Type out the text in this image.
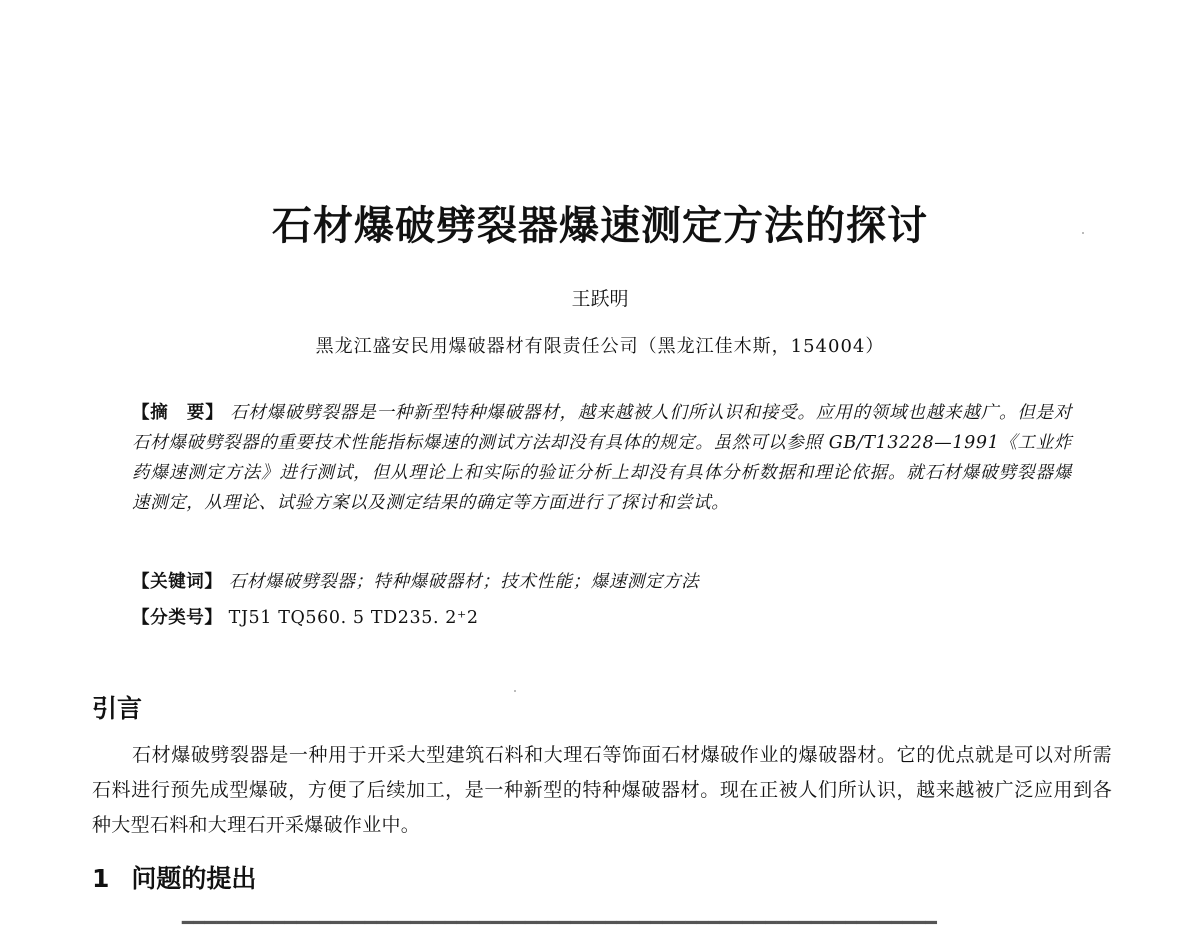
石材爆破劈裂器爆速测定方法的探讨
王跃明
黑龙江盛安民用爆破器材有限责任公司（黑龙江佳木斯，154004）
【摘　要】 石材爆破劈裂器是一种新型特种爆破器材，越来越被人们所认识和接受。应用的领域也越来越广。但是对石材爆破劈裂器的重要技术性能指标爆速的测试方法却没有具体的规定。虽然可以参照 GB/T13228—1991《工业炸药爆速测定方法》进行测试，但从理论上和实际的验证分析上却没有具体分析数据和理论依据。就石材爆破劈裂器爆速测定，从理论、试验方案以及测定结果的确定等方面进行了探讨和尝试。
【关键词】 石材爆破劈裂器；特种爆破器材；技术性能；爆速测定方法
【分类号】 TJ51 TQ560. 5 TD235. 2⁺2
引言
石材爆破劈裂器是一种用于开采大型建筑石料和大理石等饰面石材爆破作业的爆破器材。它的优点就是可以对所需石料进行预先成型爆破，方便了后续加工，是一种新型的特种爆破器材。现在正被人们所认识，越来越被广泛应用到各种大型石料和大理石开采爆破作业中。
1 问题的提出
━━━━━━━━━━━━━━━━━━━━━━━━━━━━━━━━━━━━━━━━━━━━━━━━━━━━━━━━━━━━━━━━━━
